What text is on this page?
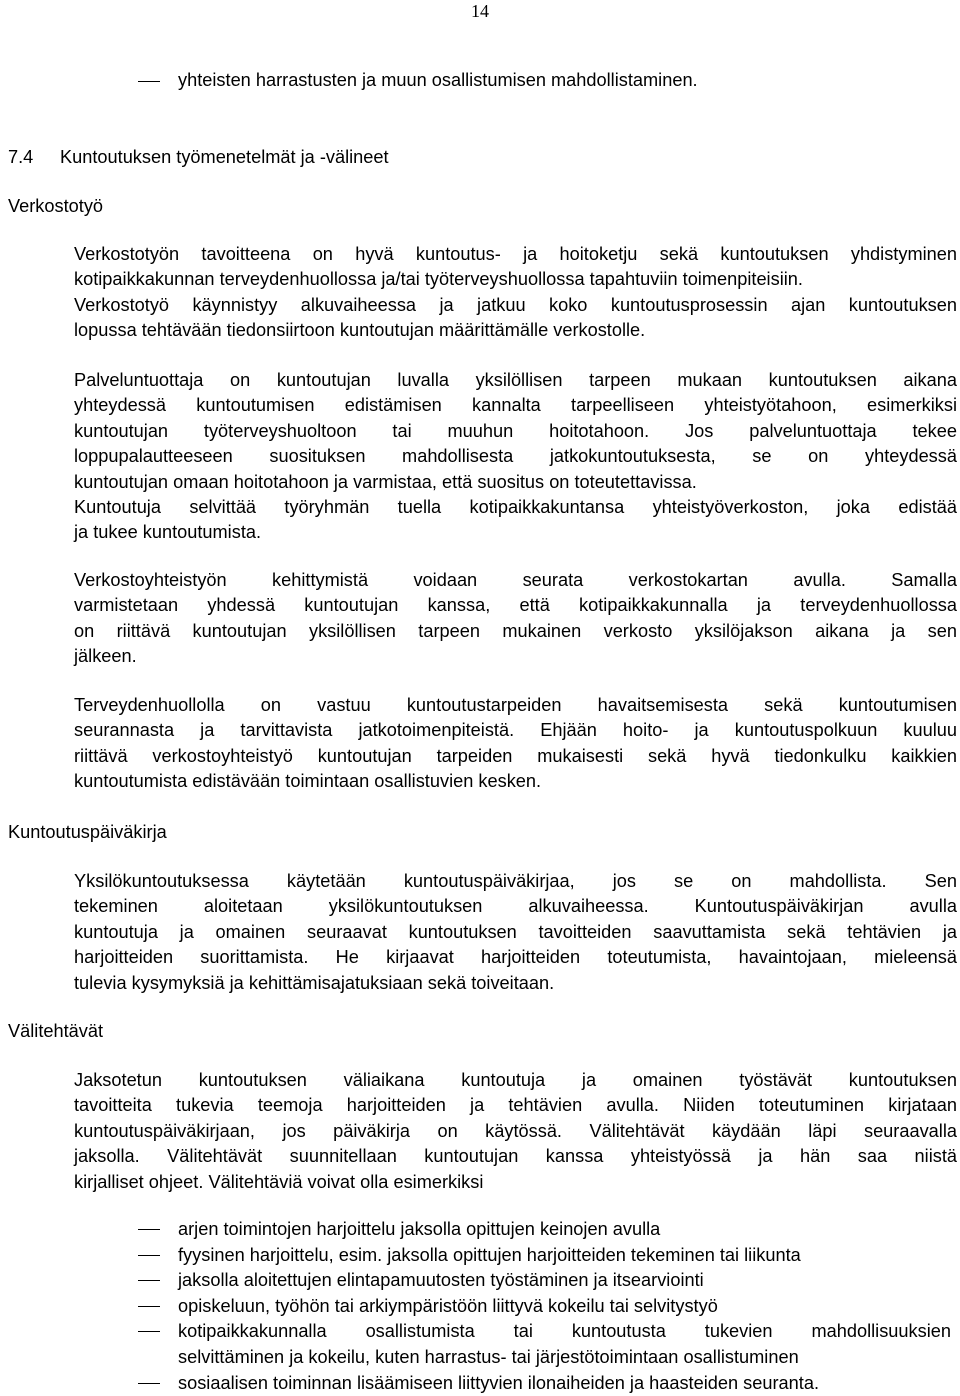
14
yhteisten harrastusten ja muun osallistumisen mahdollistaminen.
7.4 Kuntoutuksen työmenetelmät ja -välineet
Verkostotyö
Verkostotyön tavoitteena on hyvä kuntoutus- ja hoitoketju sekä kuntoutuksen yhdistyminen
kotipaikkakunnan terveydenhuollossa ja/tai työterveyshuollossa tapahtuviin toimenpiteisiin.
Verkostotyö käynnistyy alkuvaiheessa ja jatkuu koko kuntoutusprosessin ajan kuntoutuksen
lopussa tehtävään tiedonsiirtoon kuntoutujan määrittämälle verkostolle.
Palveluntuottaja on kuntoutujan luvalla yksilöllisen tarpeen mukaan kuntoutuksen aikana
yhteydessä kuntoutumisen edistämisen kannalta tarpeelliseen yhteistyötahoon, esimerkiksi
kuntoutujan työterveyshuoltoon tai muuhun hoitotahoon. Jos palveluntuottaja tekee
loppupalautteeseen suosituksen mahdollisesta jatkokuntoutuksesta, se on yhteydessä
kuntoutujan omaan hoitotahoon ja varmistaa, että suositus on toteutettavissa.
Kuntoutuja selvittää työryhmän tuella kotipaikkakuntansa yhteistyöverkoston, joka edistää
ja tukee kuntoutumista.
Verkostoyhteistyön kehittymistä voidaan seurata verkostokartan avulla. Samalla
varmistetaan yhdessä kuntoutujan kanssa, että kotipaikkakunnalla ja terveydenhuollossa
on riittävä kuntoutujan yksilöllisen tarpeen mukainen verkosto yksilöjakson aikana ja sen
jälkeen.
Terveydenhuollolla on vastuu kuntoutustarpeiden havaitsemisesta sekä kuntoutumisen
seurannasta ja tarvittavista jatkotoimenpiteistä. Ehjään hoito- ja kuntoutuspolkuun kuuluu
riittävä verkostoyhteistyö kuntoutujan tarpeiden mukaisesti sekä hyvä tiedonkulku kaikkien
kuntoutumista edistävään toimintaan osallistuvien kesken.
Kuntoutuspäiväkirja
Yksilökuntoutuksessa käytetään kuntoutuspäiväkirjaa, jos se on mahdollista. Sen
tekeminen aloitetaan yksilökuntoutuksen alkuvaiheessa. Kuntoutuspäiväkirjan avulla
kuntoutuja ja omainen seuraavat kuntoutuksen tavoitteiden saavuttamista sekä tehtävien ja
harjoitteiden suorittamista. He kirjaavat harjoitteiden toteutumista, havaintojaan, mieleensä
tulevia kysymyksiä ja kehittämisajatuksiaan sekä toiveitaan.
Välitehtävät
Jaksotetun kuntoutuksen väliaikana kuntoutuja ja omainen työstävät kuntoutuksen
tavoitteita tukevia teemoja harjoitteiden ja tehtävien avulla. Niiden toteutuminen kirjataan
kuntoutuspäiväkirjaan, jos päiväkirja on käytössä. Välitehtävät käydään läpi seuraavalla
jaksolla. Välitehtävät suunnitellaan kuntoutujan kanssa yhteistyössä ja hän saa niistä
kirjalliset ohjeet. Välitehtäviä voivat olla esimerkiksi
arjen toimintojen harjoittelu jaksolla opittujen keinojen avulla
fyysinen harjoittelu, esim. jaksolla opittujen harjoitteiden tekeminen tai liikunta
jaksolla aloitettujen elintapamuutosten työstäminen ja itsearviointi
opiskeluun, työhön tai arkiympäristöön liittyvä kokeilu tai selvitystyö
kotipaikkakunnalla osallistumista tai kuntoutusta tukevien mahdollisuuksien
selvittäminen ja kokeilu, kuten harrastus- tai järjestötoimintaan osallistuminen
sosiaalisen toiminnan lisäämiseen liittyvien ilonaiheiden ja haasteiden seuranta.
